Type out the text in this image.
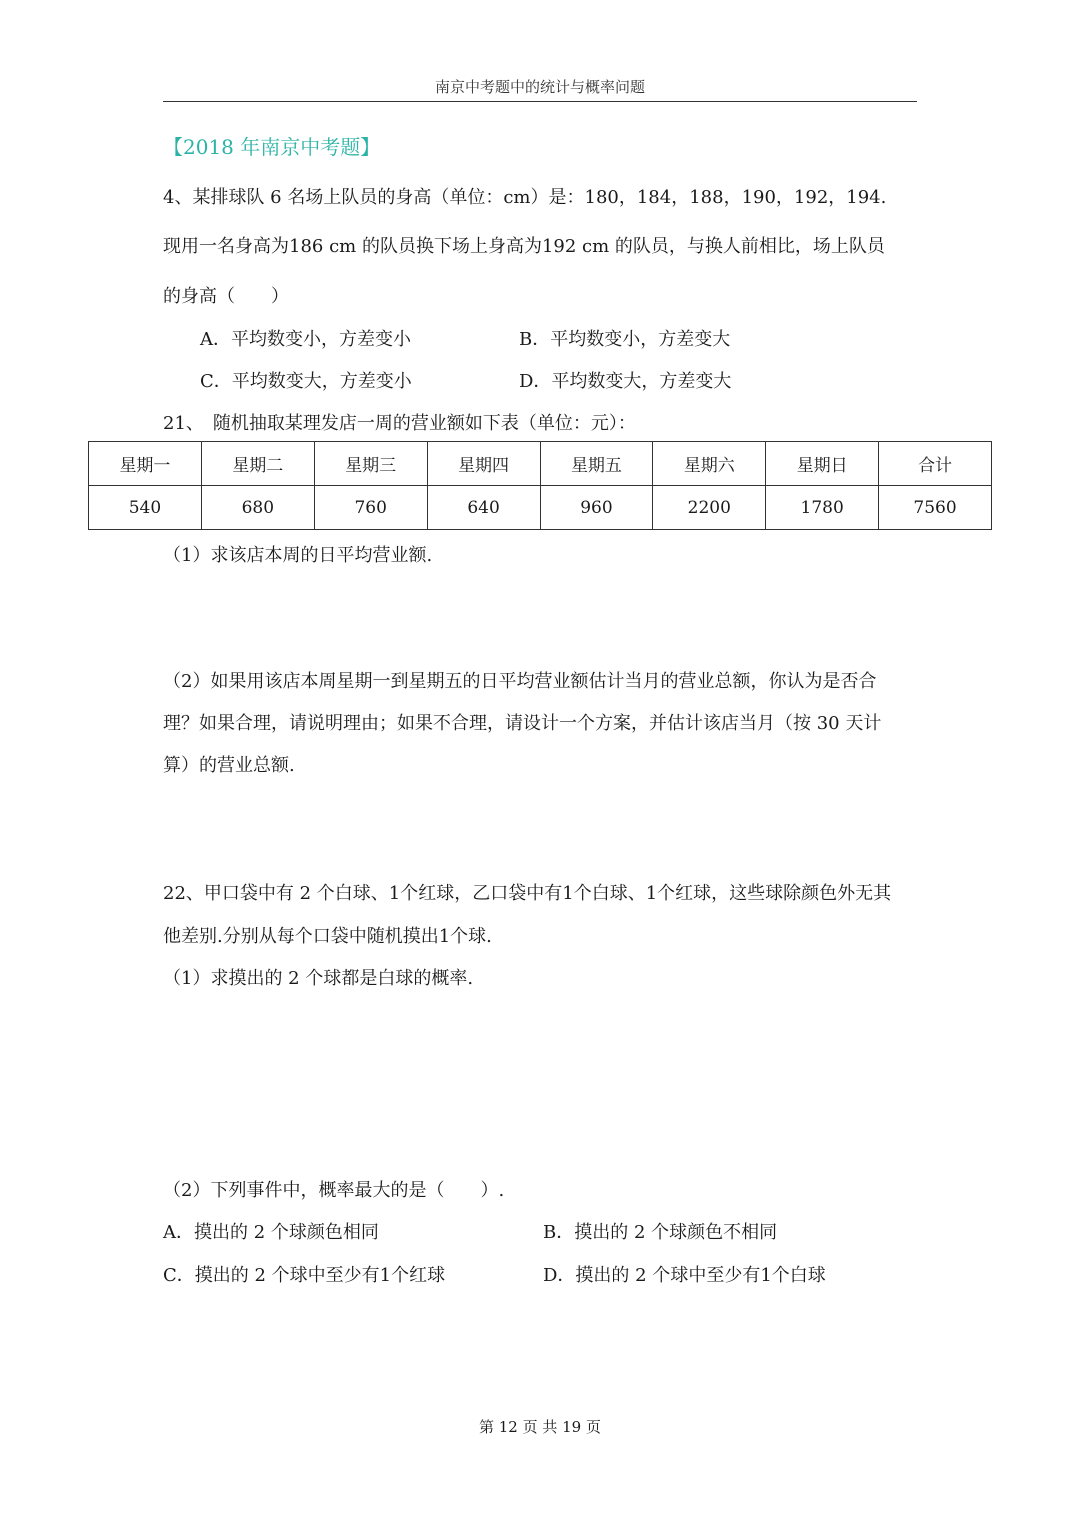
南京中考题中的统计与概率问题
【2018 年南京中考题】
4、某排球队 6 名场上队员的身高（单位：cm）是：180，184，188，190，192，194.
现用一名身高为186 cm 的队员换下场上身高为192 cm 的队员，与换人前相比，场上队员
的身高（　　）
A．平均数变小，方差变小	B．平均数变小，方差变大
C．平均数变大，方差变小	D．平均数变大，方差变大
21、　随机抽取某理发店一周的营业额如下表（单位：元）：
星期一	星期二	星期三	星期四	星期五	星期六	星期日	合计
540	680	760	640	960	2200	1780	7560
（1）求该店本周的日平均营业额.
（2）如果用该店本周星期一到星期五的日平均营业额估计当月的营业总额，你认为是否合
理？如果合理，请说明理由；如果不合理，请设计一个方案，并估计该店当月（按 30 天计
算）的营业总额.
22、甲口袋中有 2 个白球、1个红球，乙口袋中有1个白球、1个红球，这些球除颜色外无其
他差别.分别从每个口袋中随机摸出1个球.
（1）求摸出的 2 个球都是白球的概率.
（2）下列事件中，概率最大的是（　　）.
A．摸出的 2 个球颜色相同	B．摸出的 2 个球颜色不相同
C．摸出的 2 个球中至少有1个红球	D．摸出的 2 个球中至少有1个白球
第 12 页 共 19 页
